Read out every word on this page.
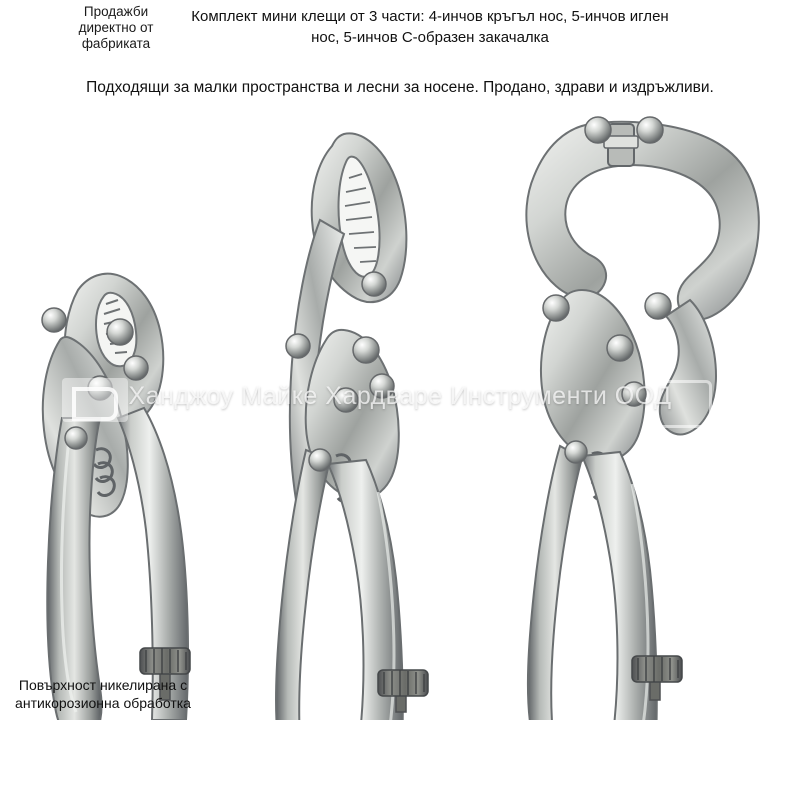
Продажби директно от фабриката
Комплект мини клещи от 3 части: 4-инчов кръгъл нос, 5-инчов иглен нос, 5-инчов С-образен закачалка
Подходящи за малки пространства и лесни за носене. Продано, здрави и издръжливи.
Ханджоу Майке Хардваре Инструменти ООД
Повърхност никелирана с антикорозионна обработка
